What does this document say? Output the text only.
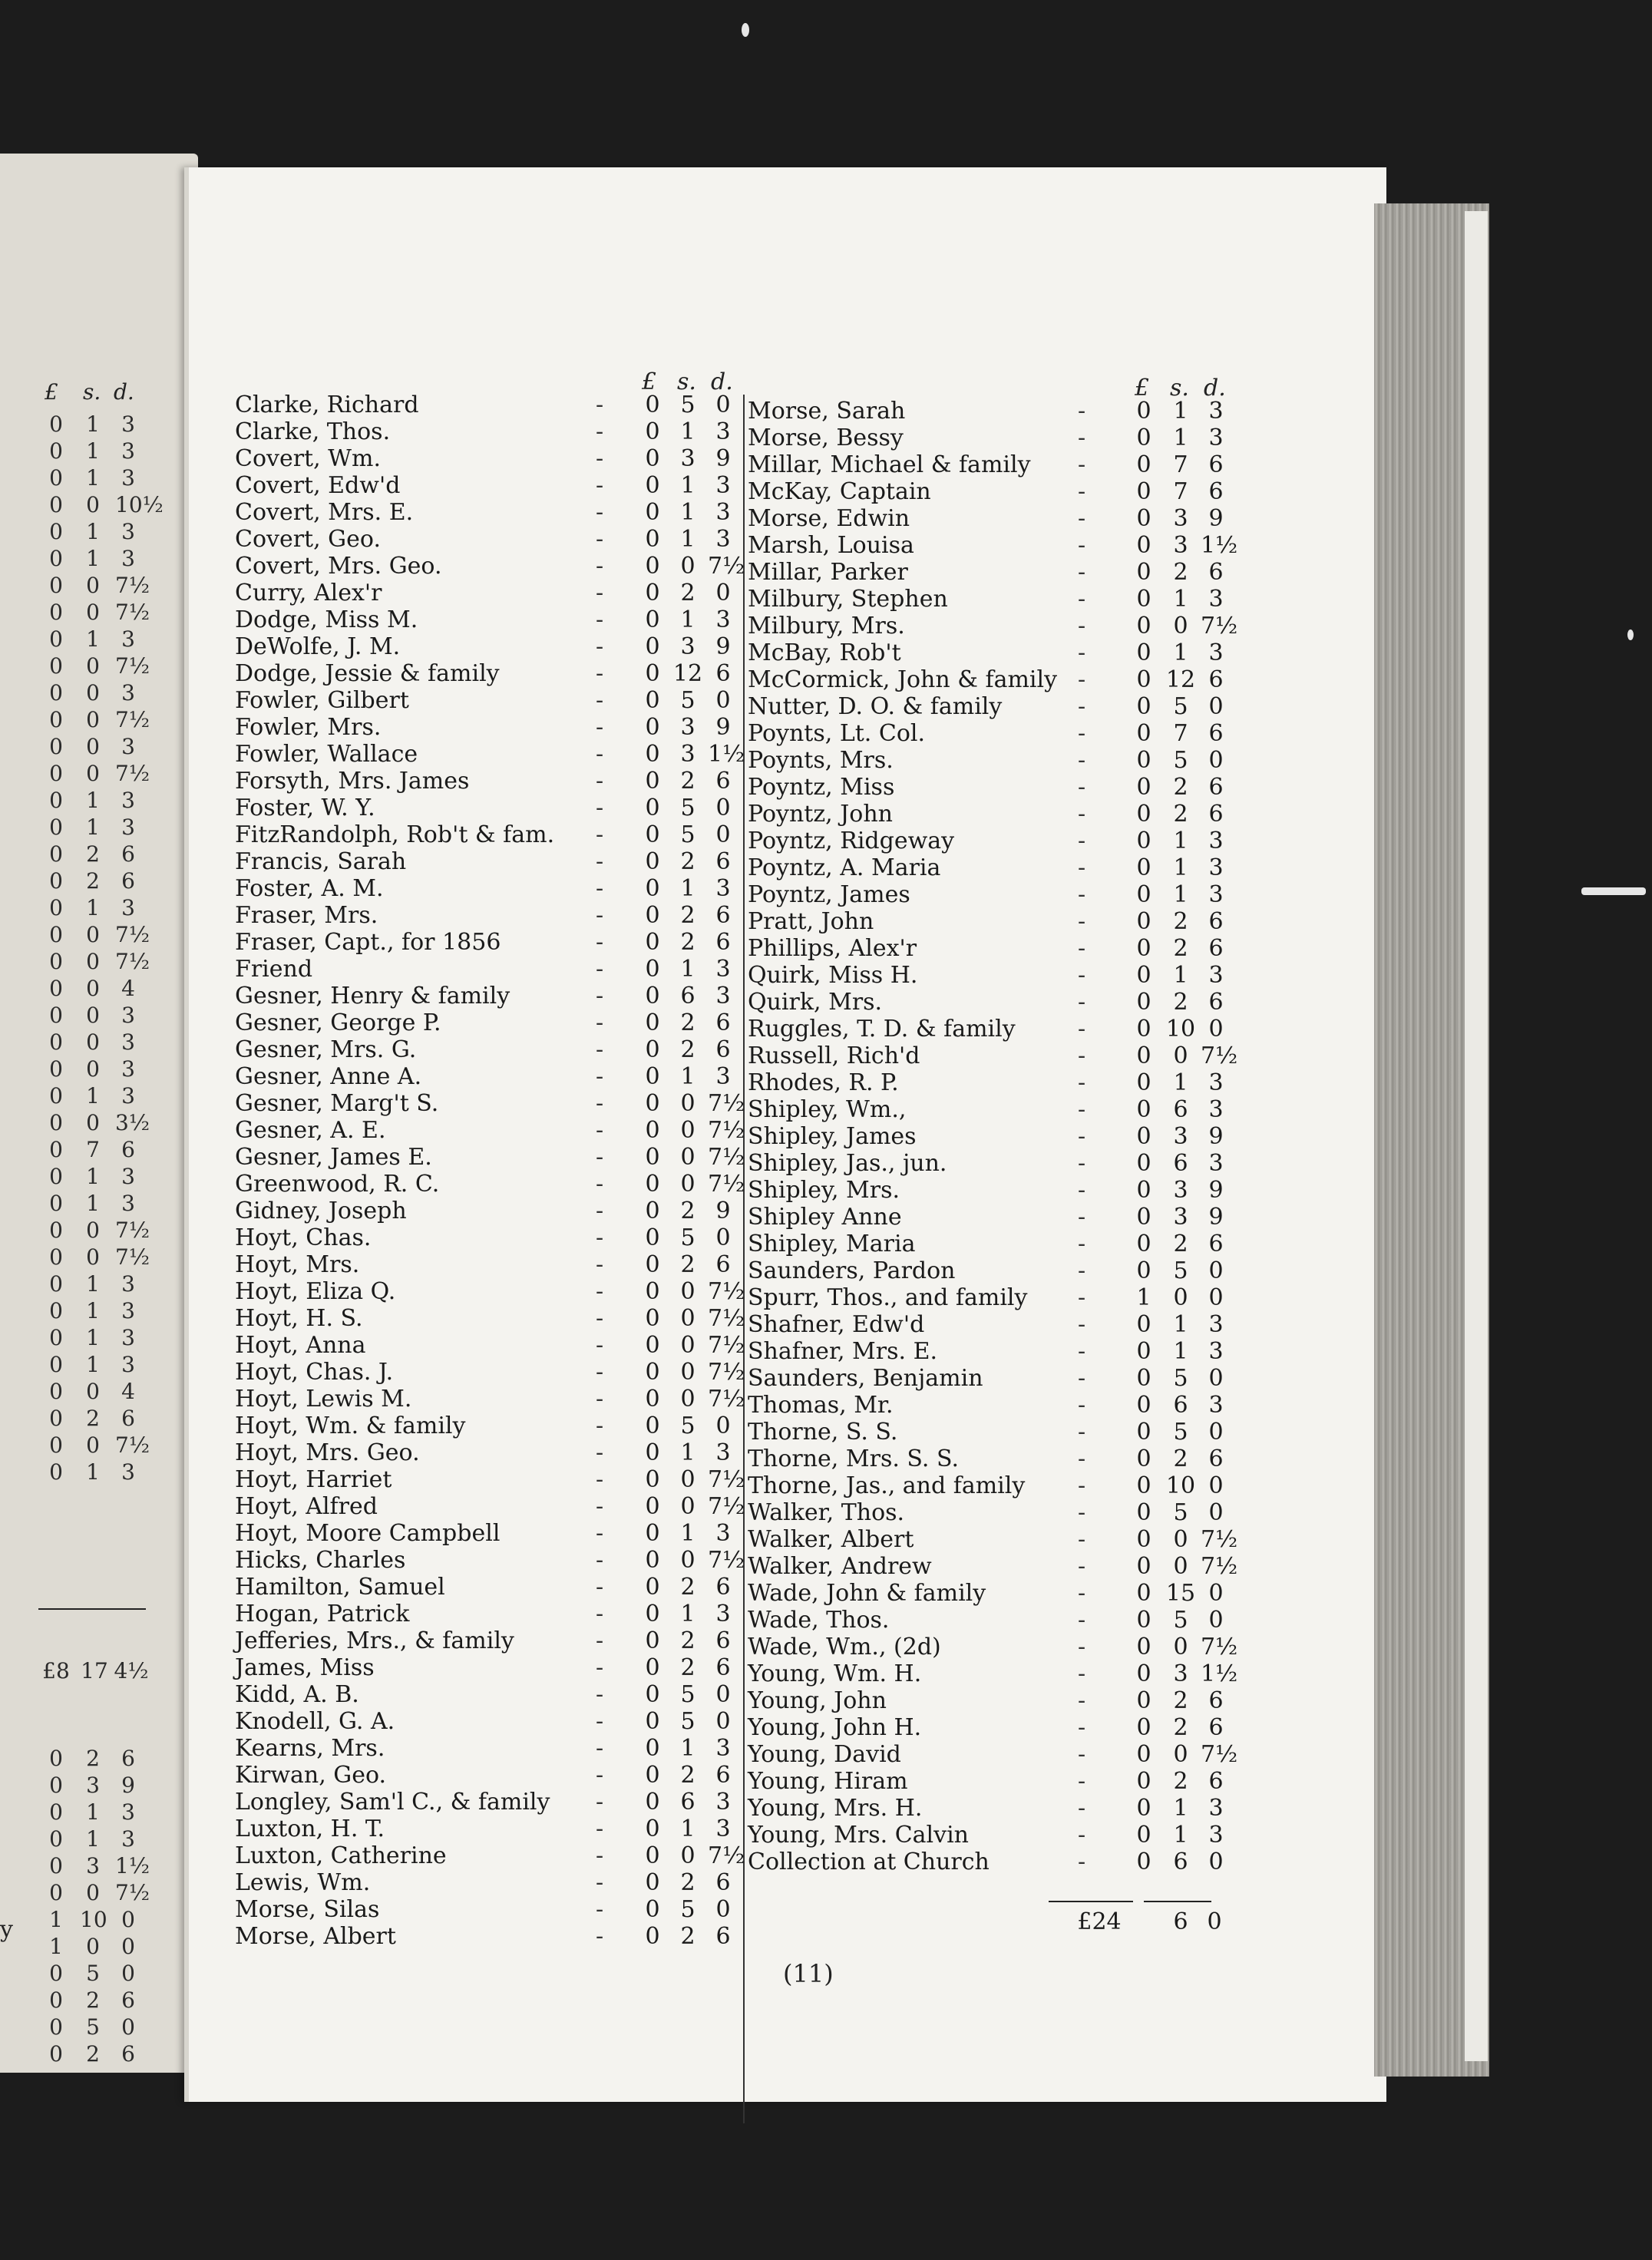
£ s. d.
0 1 3
0 1 3
0 1 3
0 0 10½
0 1 3
0 1 3
0 0 7½
0 0 7½
0 1 3
0 0 7½
0 0 3
0 0 7½
0 0 3
0 0 7½
0 1 3
0 1 3
0 2 6
0 2 6
0 1 3
0 0 7½
0 0 7½
0 0 4
0 0 3
0 0 3
0 0 3
0 1 3
0 0 3½
0 7 6
0 1 3
0 1 3
0 0 7½
0 0 7½
0 1 3
0 1 3
0 1 3
0 1 3
0 0 4
0 2 6
0 0 7½
0 1 3
£8 17 4½
0 2 6
0 3 9
0 1 3
0 1 3
0 3 1½
0 0 7½
1 10 0
1 0 0
0 5 0
0 2 6
0 5 0
0 2 6
y
£ s. d.	£ s. d.
Clarke, Richard	-	0 5 0
Clarke, Thos.	-	0 1 3
Covert, Wm.	-	0 3 9
Covert, Edw'd	-	0 1 3
Covert, Mrs. E.	-	0 1 3
Covert, Geo.	-	0 1 3
Covert, Mrs. Geo.	-	0 0 7½
Curry, Alex'r	-	0 2 0
Dodge, Miss M.	-	0 1 3
DeWolfe, J. M.	-	0 3 9
Dodge, Jessie & family	-	0 12 6
Fowler, Gilbert	-	0 5 0
Fowler, Mrs.	-	0 3 9
Fowler, Wallace	-	0 3 1½
Forsyth, Mrs. James	-	0 2 6
Foster, W. Y.	-	0 5 0
FitzRandolph, Rob't & fam. -	0 5 0
Francis, Sarah	-	0 2 6
Foster, A. M.	-	0 1 3
Fraser, Mrs.	-	0 2 6
Fraser, Capt., for 1856	-	0 2 6
Friend	-	0 1 3
Gesner, Henry & family	-	0 6 3
Gesner, George P.	-	0 2 6
Gesner, Mrs. G.	-	0 2 6
Gesner, Anne A.	-	0 1 3
Gesner, Marg't S.	-	0 0 7½
Gesner, A. E.	-	0 0 7½
Gesner, James E.	-	0 0 7½
Greenwood, R. C.	-	0 0 7½
Gidney, Joseph	-	0 2 9
Hoyt, Chas.	-	0 5 0
Hoyt, Mrs.	-	0 2 6
Hoyt, Eliza Q.	-	0 0 7½
Hoyt, H. S.	-	0 0 7½
Hoyt, Anna	-	0 0 7½
Hoyt, Chas. J.	-	0 0 7½
Hoyt, Lewis M.	-	0 0 7½
Hoyt, Wm. & family	-	0 5 0
Hoyt, Mrs. Geo.	-	0 1 3
Hoyt, Harriet	-	0 0 7½
Hoyt, Alfred	-	0 0 7½
Hoyt, Moore Campbell	-	0 1 3
Hicks, Charles	-	0 0 7½
Hamilton, Samuel	-	0 2 6
Hogan, Patrick	-	0 1 3
Jefferies, Mrs., & family	-	0 2 6
James, Miss	-	0 2 6
Kidd, A. B.	-	0 5 0
Knodell, G. A.	-	0 5 0
Kearns, Mrs.	-	0 1 3
Kirwan, Geo.	-	0 2 6
Longley, Sam'l C., & family -	0 6 3
Luxton, H. T.	-	0 1 3
Luxton, Catherine	-	0 0 7½
Lewis, Wm.	-	0 2 6
Morse, Silas	-	0 5 0
Morse, Albert	-	0 2 6
Morse, Sarah	-	0 1 3
Morse, Bessy	-	0 1 3
Millar, Michael & family -	0 7 6
McKay, Captain	-	0 7 6
Morse, Edwin	-	0 3 9
Marsh, Louisa	-	0 3 1½
Millar, Parker	-	0 2 6
Milbury, Stephen	-	0 1 3
Milbury, Mrs.	-	0 0 7½
McBay, Rob't	-	0 1 3
McCormick, John & family -	0 12 6
Nutter, D. O. & family	-	0 5 0
Poynts, Lt. Col.	-	0 7 6
Poynts, Mrs.	-	0 5 0
Poyntz, Miss	-	0 2 6
Poyntz, John	-	0 2 6
Poyntz, Ridgeway	-	0 1 3
Poyntz, A. Maria	-	0 1 3
Poyntz, James	-	0 1 3
Pratt, John	-	0 2 6
Phillips, Alex'r	-	0 2 6
Quirk, Miss H.	-	0 1 3
Quirk, Mrs.	-	0 2 6
Ruggles, T. D. & family	-	0 10 0
Russell, Rich'd	-	0 0 7½
Rhodes, R. P.	-	0 1 3
Shipley, Wm.,	-	0 6 3
Shipley, James	-	0 3 9
Shipley, Jas., jun.	-	0 6 3
Shipley, Mrs.	-	0 3 9
Shipley Anne	-	0 3 9
Shipley, Maria	-	0 2 6
Saunders, Pardon	-	0 5 0
Spurr, Thos., and family -	1 0 0
Shafner, Edw'd	-	0 1 3
Shafner, Mrs. E.	-	0 1 3
Saunders, Benjamin	-	0 5 0
Thomas, Mr.	-	0 6 3
Thorne, S. S.	-	0 5 0
Thorne, Mrs. S. S.	-	0 2 6
Thorne, Jas., and family -	0 10 0
Walker, Thos.	-	0 5 0
Walker, Albert	-	0 0 7½
Walker, Andrew	-	0 0 7½
Wade, John & family	-	0 15 0
Wade, Thos.	-	0 5 0
Wade, Wm., (2d)	-	0 0 7½
Young, Wm. H.	-	0 3 1½
Young, John	-	0 2 6
Young, John H.	-	0 2 6
Young, David	-	0 0 7½
Young, Hiram	-	0 2 6
Young, Mrs. H.	-	0 1 3
Young, Mrs. Calvin	-	0 1 3
Collection at Church	-	0 6 0
£24	6 0
(11)
